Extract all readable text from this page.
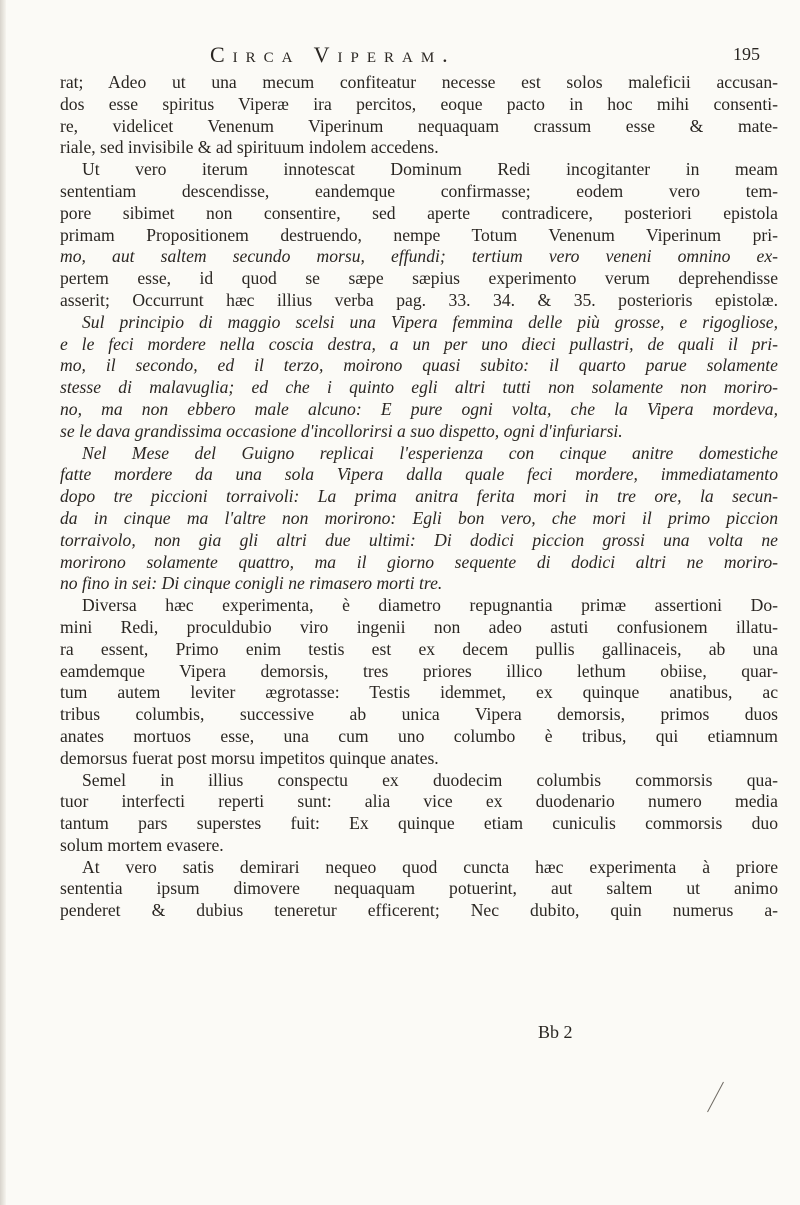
Circa Viperam.	195
rat; Adeo ut una mecum confiteatur necesse est solos maleficii accusan-
dos esse spiritus Viperæ ira percitos, eoque pacto in hoc mihi consenti-
re, videlicet Venenum Viperinum nequaquam crassum esse & mate-
riale, sed invisibile & ad spirituum indolem accedens.
Ut vero iterum innotescat Dominum Redi incogitanter in meam
sententiam descendisse, eandemque confirmasse; eodem vero tem-
pore sibimet non consentire, sed aperte contradicere, posteriori epistola
primam Propositionem destruendo, nempe Totum Venenum Viperinum pri-
mo, aut saltem secundo morsu, effundi; tertium vero veneni omnino ex-
pertem esse, id quod se sæpe sæpius experimento verum deprehendisse
asserit; Occurrunt hæc illius verba pag. 33. 34. & 35. posterioris epistolæ.
Sul principio di maggio scelsi una Vipera femmina delle più grosse, e rigogliose,
e le feci mordere nella coscia destra, a un per uno dieci pullastri, de quali il pri-
mo, il secondo, ed il terzo, moirono quasi subito: il quarto parue solamente
stesse di malavuglia; ed che i quinto egli altri tutti non solamente non moriro-
no, ma non ebbero male alcuno: E pure ogni volta, che la Vipera mordeva,
se le dava grandissima occasione d'incollorirsi a suo dispetto, ogni d'infuriarsi.
Nel Mese del Guigno replicai l'esperienza con cinque anitre domestiche
fatte mordere da una sola Vipera dalla quale feci mordere, immediatamento
dopo tre piccioni torraivoli: La prima anitra ferita mori in tre ore, la secun-
da in cinque ma l'altre non morirono: Egli bon vero, che mori il primo piccion
torraivolo, non gia gli altri due ultimi: Di dodici piccion grossi una volta ne
morirono solamente quattro, ma il giorno sequente di dodici altri ne moriro-
no fino in sei: Di cinque conigli ne rimasero morti tre.
Diversa hæc experimenta, è diametro repugnantia primæ assertioni Do-
mini Redi, proculdubio viro ingenii non adeo astuti confusionem illatu-
ra essent, Primo enim testis est ex decem pullis gallinaceis, ab una
eamdemque Vipera demorsis, tres priores illico lethum obiise, quar-
tum autem leviter ægrotasse: Testis idemmet, ex quinque anatibus, ac
tribus columbis, successive ab unica Vipera demorsis, primos duos
anates mortuos esse, una cum uno columbo è tribus, qui etiamnum
demorsus fuerat post morsu impetitos quinque anates.
Semel in illius conspectu ex duodecim columbis commorsis qua-
tuor interfecti reperti sunt: alia vice ex duodenario numero media
tantum pars superstes fuit: Ex quinque etiam cuniculis commorsis duo
solum mortem evasere.
At vero satis demirari nequeo quod cuncta hæc experimenta à priore
sententia ipsum dimovere nequaquam potuerint, aut saltem ut animo
penderet & dubius teneretur efficerent; Nec dubito, quin numerus a-
Bb 2
